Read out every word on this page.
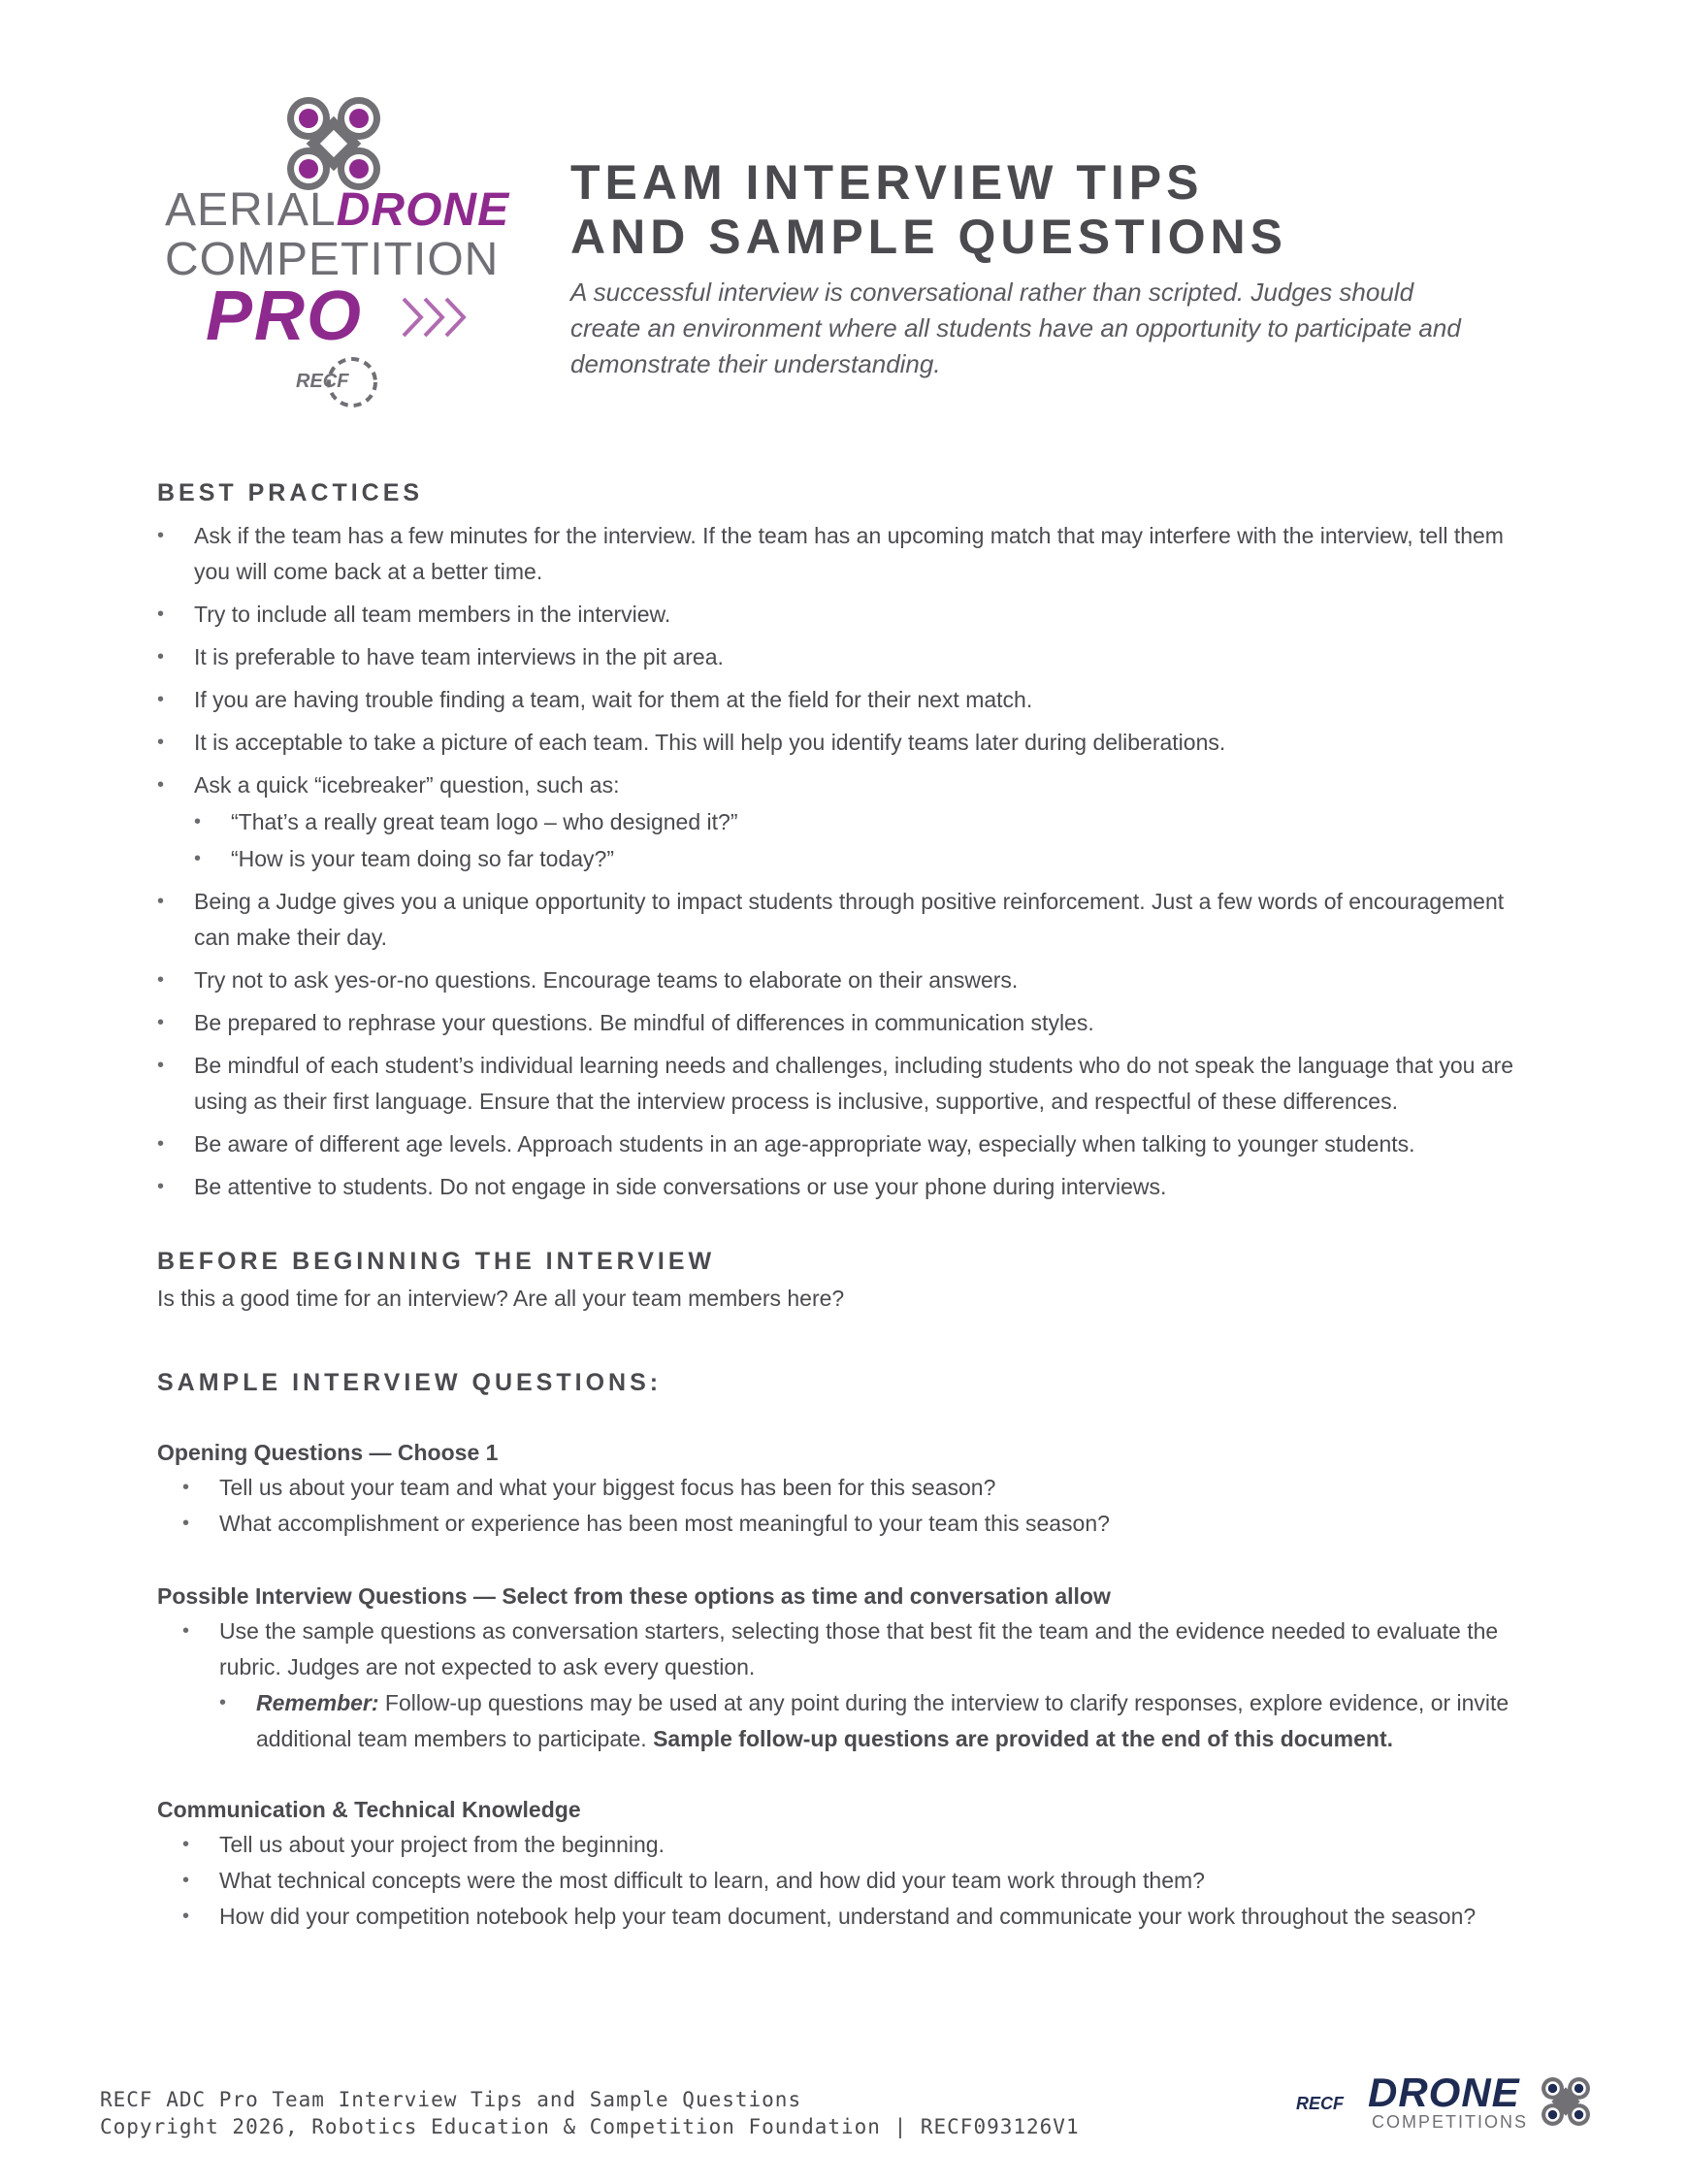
AERIALDRONE
COMPETITION
PRO
RECF
TEAM INTERVIEW TIPS
AND SAMPLE QUESTIONS

A successful interview is conversational rather than scripted. Judges should create an environment where all students have an opportunity to participate and demonstrate their understanding.

BEST PRACTICES
• Ask if the team has a few minutes for the interview. If the team has an upcoming match that may interfere with the interview, tell them you will come back at a better time.
• Try to include all team members in the interview.
• It is preferable to have team interviews in the pit area.
• If you are having trouble finding a team, wait for them at the field for their next match.
• It is acceptable to take a picture of each team. This will help you identify teams later during deliberations.
• Ask a quick “icebreaker” question, such as:
• “That’s a really great team logo – who designed it?”
• “How is your team doing so far today?”
• Being a Judge gives you a unique opportunity to impact students through positive reinforcement. Just a few words of encouragement can make their day.
• Try not to ask yes-or-no questions. Encourage teams to elaborate on their answers.
• Be prepared to rephrase your questions. Be mindful of differences in communication styles.
• Be mindful of each student’s individual learning needs and challenges, including students who do not speak the language that you are using as their first language. Ensure that the interview process is inclusive, supportive, and respectful of these differences.
• Be aware of different age levels. Approach students in an age-appropriate way, especially when talking to younger students.
• Be attentive to students. Do not engage in side conversations or use your phone during interviews.
BEFORE BEGINNING THE INTERVIEW

Is this a good time for an interview? Are all your team members here?

SAMPLE INTERVIEW QUESTIONS:

Opening Questions — Choose 1

• Tell us about your team and what your biggest focus has been for this season?
• What accomplishment or experience has been most meaningful to your team this season?

Possible Interview Questions — Select from these options as time and conversation allow

• Use the sample questions as conversation starters, selecting those that best fit the team and the evidence needed to evaluate the rubric. Judges are not expected to ask every question.
• Remember: Follow-up questions may be used at any point during the interview to clarify responses, explore evidence, or invite additional team members to participate. Sample follow-up questions are provided at the end of this document.

Communication & Technical Knowledge

• Tell us about your project from the beginning.
• What technical concepts were the most difficult to learn, and how did your team work through them?
• How did your competition notebook help your team document, understand and communicate your work throughout the season?
RECF ADC Pro Team Interview Tips and Sample Questions
Copyright 2026, Robotics Education & Competition Foundation | RECF093126V1
RECF DRONE
COMPETITIONS
